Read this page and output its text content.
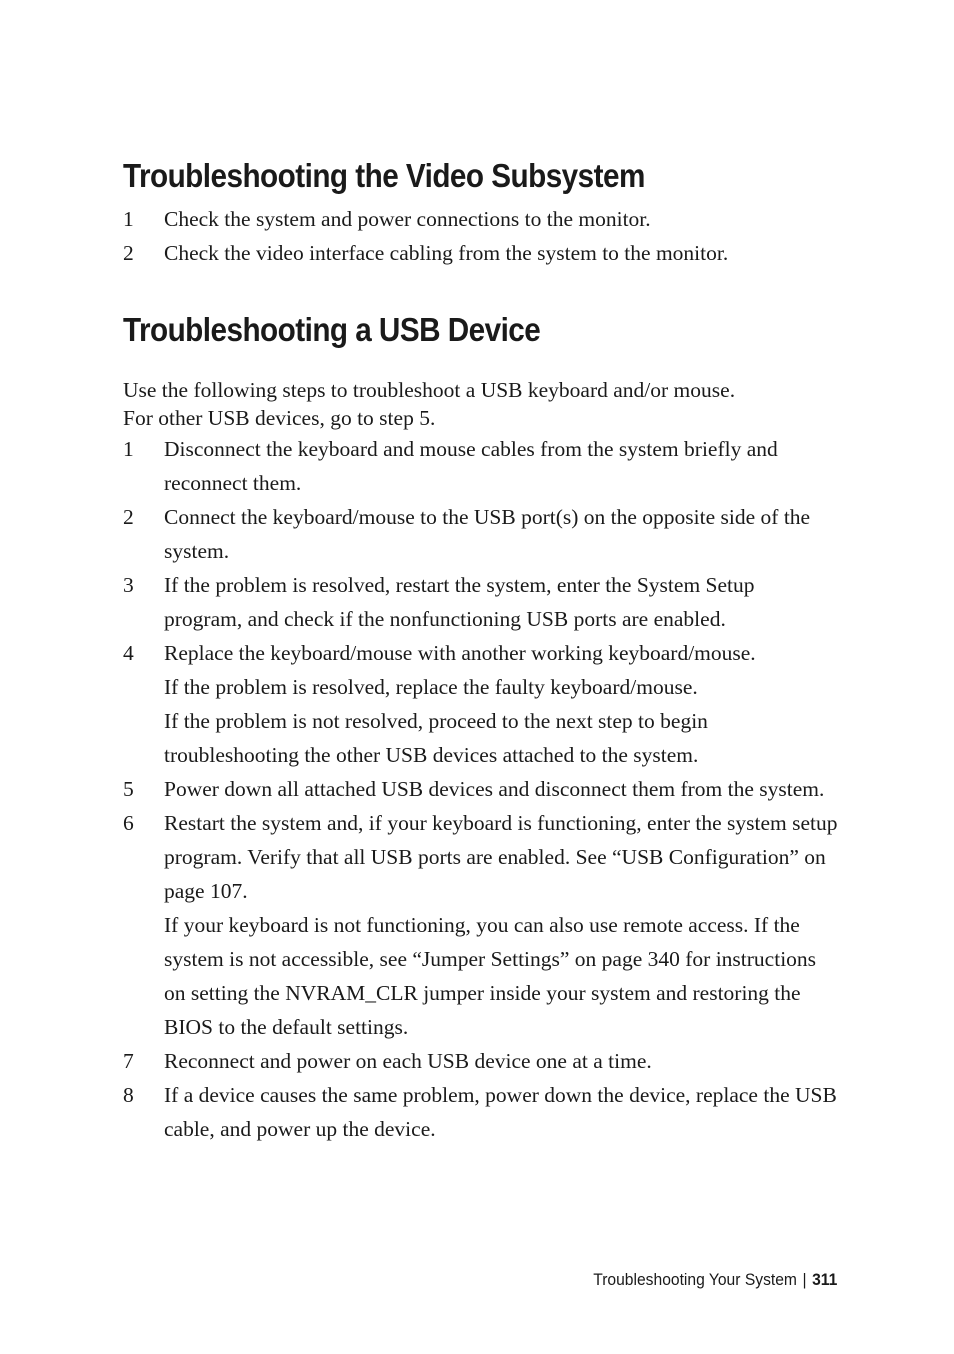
Troubleshooting the Video Subsystem
1 Check the system and power connections to the monitor.
2 Check the video interface cabling from the system to the monitor.
Troubleshooting a USB Device

Use the following steps to troubleshoot a USB keyboard and/or mouse.

For other USB devices, go to step 5.

1 Disconnect the keyboard and mouse cables from the system briefly and reconnect them.
2 Connect the keyboard/mouse to the USB port(s) on the opposite side of the system.
3 If the problem is resolved, restart the system, enter the System Setup program, and check if the nonfunctioning USB ports are enabled.
4 Replace the keyboard/mouse with another working keyboard/mouse.
If the problem is resolved, replace the faulty keyboard/mouse.
If the problem is not resolved, proceed to the next step to begin troubleshooting the other USB devices attached to the system.
5 Power down all attached USB devices and disconnect them from the system.
6 Restart the system and, if your keyboard is functioning, enter the system setup program. Verify that all USB ports are enabled. See “USB Configuration” on page 107.
If your keyboard is not functioning, you can also use remote access. If the system is not accessible, see “Jumper Settings” on page 340 for instructions on setting the NVRAM_CLR jumper inside your system and restoring the BIOS to the default settings.
7 Reconnect and power on each USB device one at a time.
8 If a device causes the same problem, power down the device, replace the USB cable, and power up the device.
Troubleshooting Your System | 311
